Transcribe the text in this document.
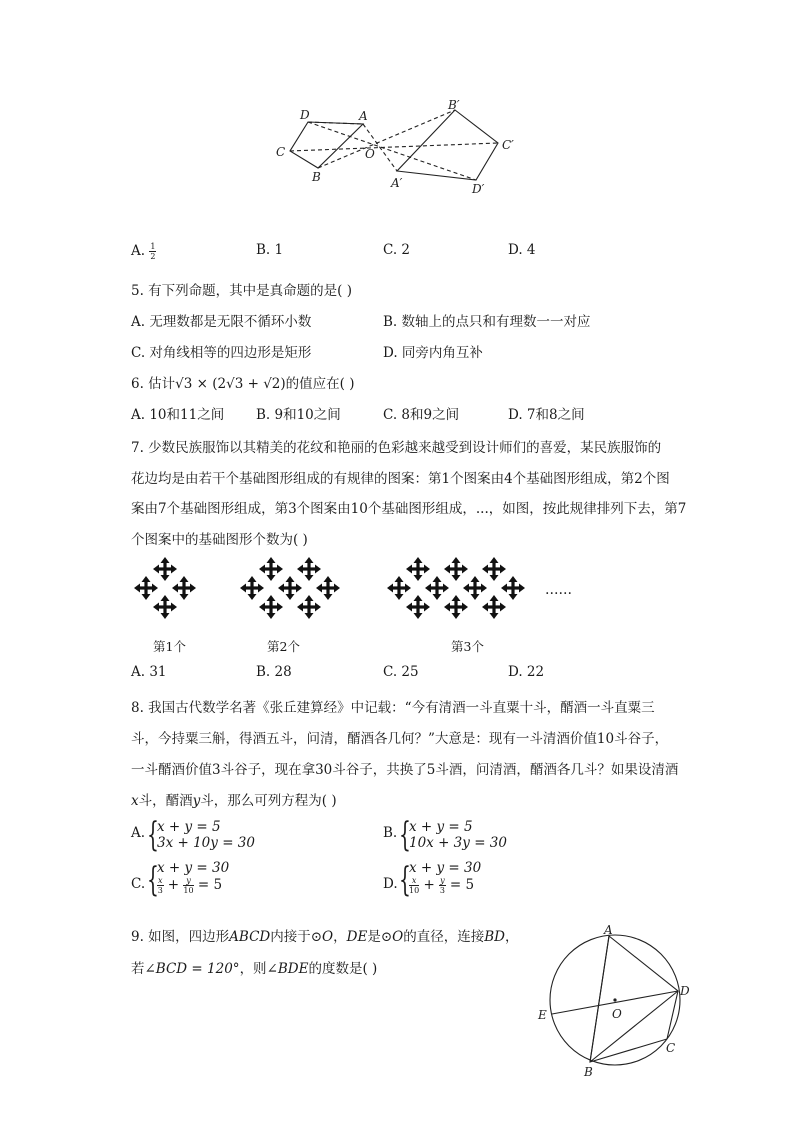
D	A
C	O
B
B′
C′
A′	D′
A. $\frac{1}{2}$	B. 1	C. 2	D. 4
5. 有下列命题，其中是真命题的是( )
A. 无理数都是无限不循环小数	B. 数轴上的点只和有理数一一对应
C. 对角线相等的四边形是矩形	D. 同旁内角互补
6. 估计√3 × (2√3 + √2)的值应在( )
A. 10和11之间 B. 9和10之间	C. 8和9之间	D. 7和8之间
7. 少数民族服饰以其精美的花纹和艳丽的色彩越来越受到设计师们的喜爱，某民族服饰的
花边均是由若干个基础图形组成的有规律的图案：第1个图案由4个基础图形组成，第2个图
案由7个基础图形组成，第3个图案由10个基础图形组成，...，如图，按此规律排列下去，第7
个图案中的基础图形个数为( )
……
第1个	第2个	第3个
A. 31	B. 28	C. 25	D. 22
8. 我国古代数学名著《张丘建算经》中记载：“今有清酒一斗直粟十斗，醑酒一斗直粟三
斗，今持粟三斛，得酒五斗，问清，醑酒各几何？”大意是：现有一斗清酒价值10斗谷子，
一斗醑酒价值3斗谷子，现在拿30斗谷子，共换了5斗酒，问清酒，醑酒各几斗？如果设清酒
x斗，醑酒y斗，那么可列方程为( )
A. {
x + y = 5
3x + 10y = 30
B. {
x + y = 5
10x + 3y = 30
C. {
x + y = 30
$\frac{x}{3} + \frac{y}{10} = 5$	D. {
x + y = 30
$\frac{x}{10} + \frac{y}{3} = 5$
9. 如图，四边形ABCD内接于⊙O，DE是⊙O的直径，连接BD，
若∠BCD = 120°，则∠BDE的度数是( )
A
D
E	O
C
B
